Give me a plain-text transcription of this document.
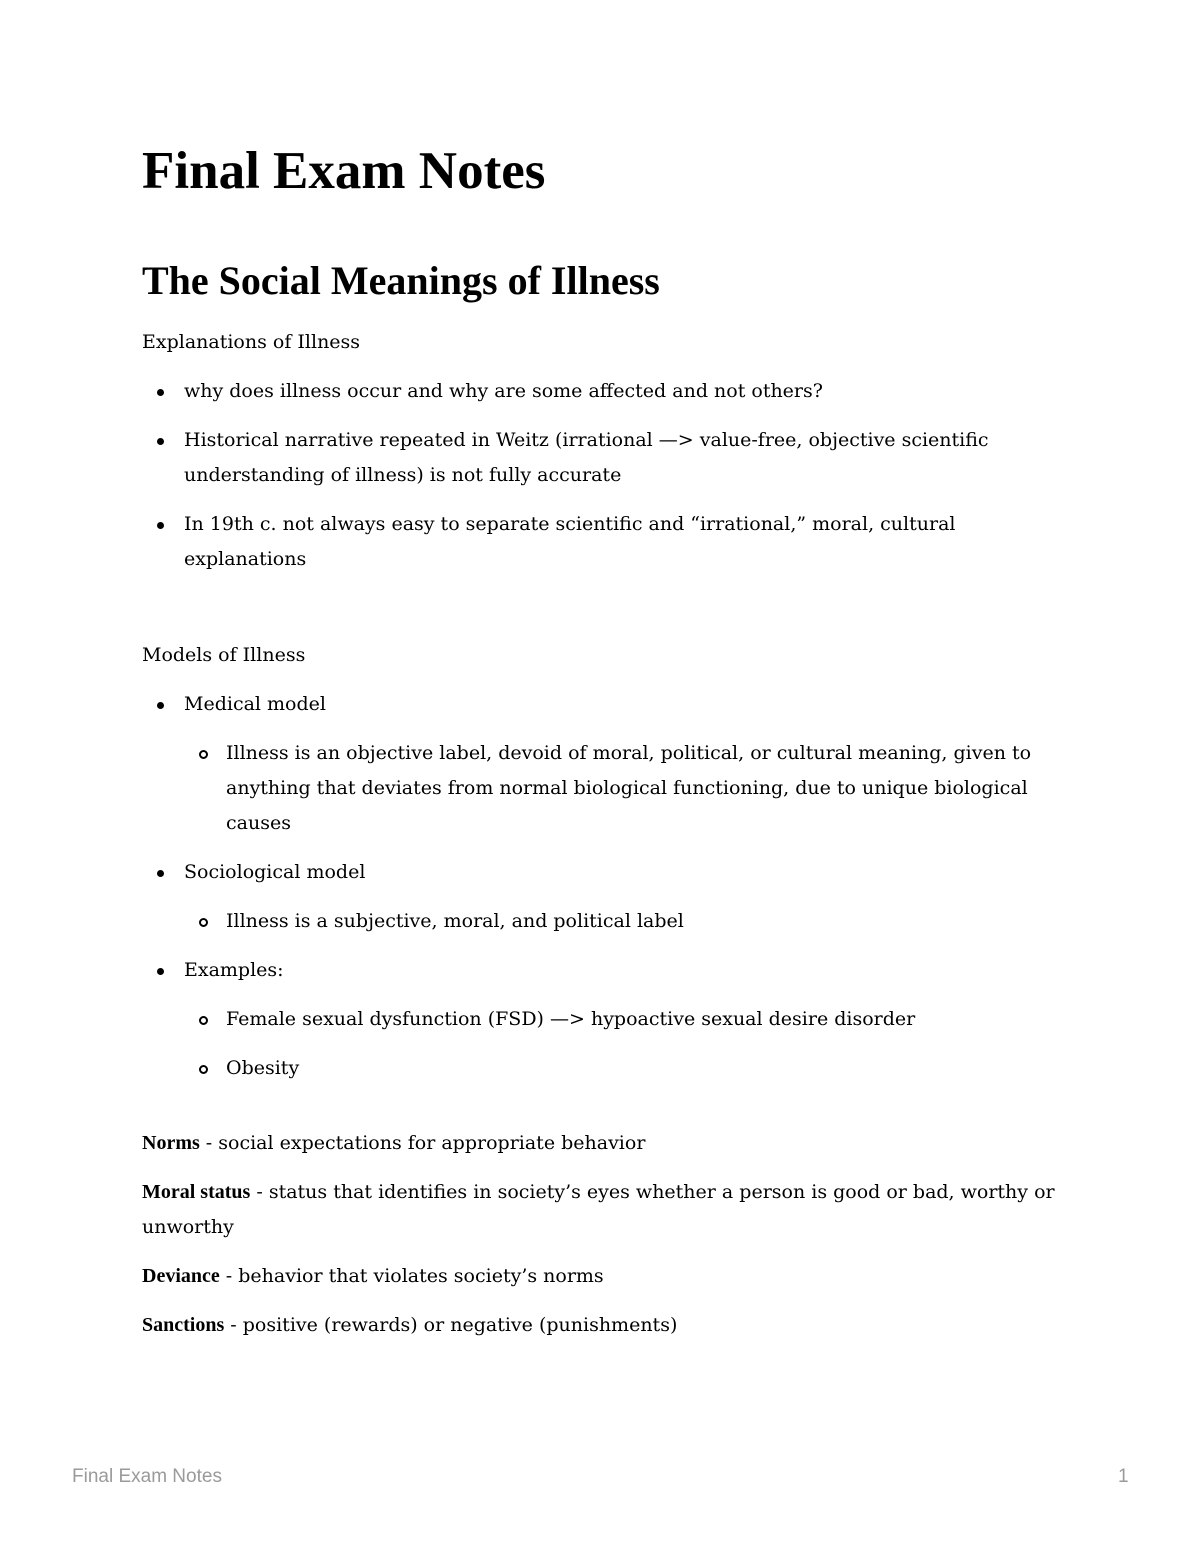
Final Exam Notes
The Social Meanings of Illness

Explanations of Illness

why does illness occur and why are some affected and not others?
Historical narrative repeated in Weitz (irrational —> value-free, objective scientific understanding of illness) is not fully accurate
In 19th c. not always easy to separate scientific and “irrational,” moral, cultural explanations

Models of Illness

Medical model
Illness is an objective label, devoid of moral, political, or cultural meaning, given to anything that deviates from normal biological functioning, due to unique biological causes
Sociological model
Illness is a subjective, moral, and political label
Examples:
Female sexual dysfunction (FSD) —> hypoactive sexual desire disorder
Obesity

Norms - social expectations for appropriate behavior

Moral status - status that identifies in society’s eyes whether a person is good or bad, worthy or unworthy

Deviance - behavior that violates society’s norms

Sanctions - positive (rewards) or negative (punishments)

Final Exam Notes	1
